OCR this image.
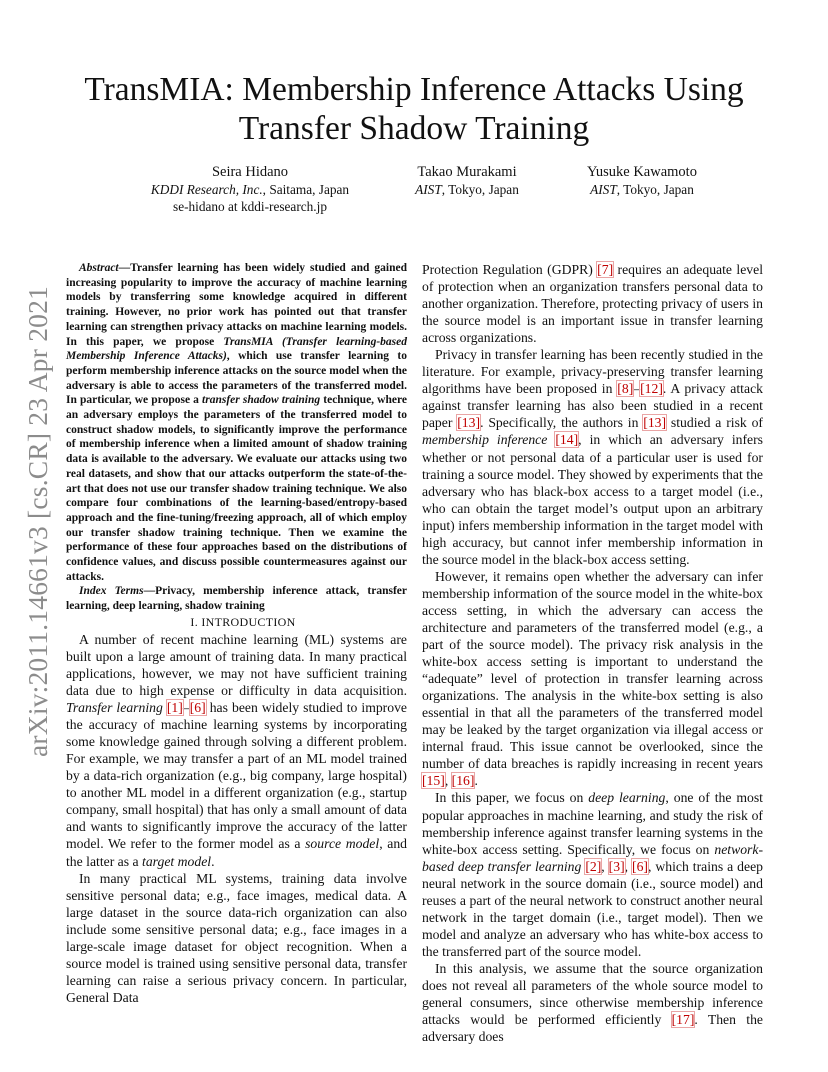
arXiv:2011.14661v3 [cs.CR] 23 Apr 2021
TransMIA: Membership Inference Attacks Using
Transfer Shadow Training
Seira Hidano
KDDI Research, Inc., Saitama, Japan
se-hidano at kddi-research.jp
Takao Murakami
AIST, Tokyo, Japan
Yusuke Kawamoto
AIST, Tokyo, Japan

Abstract—Transfer learning has been widely studied and gained increasing popularity to improve the accuracy of machine learning models by transferring some knowledge acquired in different training. However, no prior work has pointed out that transfer learning can strengthen privacy attacks on machine learning models. In this paper, we propose TransMIA (Transfer learning-based Membership Inference Attacks), which use transfer learning to perform membership inference attacks on the source model when the adversary is able to access the parameters of the transferred model. In particular, we propose a transfer shadow training technique, where an adversary employs the parameters of the transferred model to construct shadow models, to significantly improve the performance of membership inference when a limited amount of shadow training data is available to the adversary. We evaluate our attacks using two real datasets, and show that our attacks outperform the state-of-the-art that does not use our transfer shadow training technique. We also compare four combinations of the learning-based/entropy-based approach and the fine-tuning/freezing approach, all of which employ our transfer shadow training technique. Then we examine the performance of these four approaches based on the distributions of confidence values, and discuss possible countermeasures against our attacks.

Index Terms—Privacy, membership inference attack, transfer learning, deep learning, shadow training

I. INTRODUCTION

A number of recent machine learning (ML) systems are built upon a large amount of training data. In many practical applications, however, we may not have sufficient training data due to high expense or difficulty in data acquisition. Transfer learning [1]–[6] has been widely studied to improve the accuracy of machine learning systems by incorporating some knowledge gained through solving a different problem. For example, we may transfer a part of an ML model trained by a data-rich organization (e.g., big company, large hospital) to another ML model in a different organization (e.g., startup company, small hospital) that has only a small amount of data and wants to significantly improve the accuracy of the latter model. We refer to the former model as a source model, and the latter as a target model.

In many practical ML systems, training data involve sensitive personal data; e.g., face images, medical data. A large dataset in the source data-rich organization can also include some sensitive personal data; e.g., face images in a large-scale image dataset for object recognition. When a source model is trained using sensitive personal data, transfer learning can raise a serious privacy concern. In particular, General Data

Protection Regulation (GDPR) [7] requires an adequate level of protection when an organization transfers personal data to another organization. Therefore, protecting privacy of users in the source model is an important issue in transfer learning across organizations.

Privacy in transfer learning has been recently studied in the literature. For example, privacy-preserving transfer learning algorithms have been proposed in [8]–[12]. A privacy attack against transfer learning has also been studied in a recent paper [13]. Specifically, the authors in [13] studied a risk of membership inference [14], in which an adversary infers whether or not personal data of a particular user is used for training a source model. They showed by experiments that the adversary who has black-box access to a target model (i.e., who can obtain the target model’s output upon an arbitrary input) infers membership information in the target model with high accuracy, but cannot infer membership information in the source model in the black-box access setting.

However, it remains open whether the adversary can infer membership information of the source model in the white-box access setting, in which the adversary can access the architecture and parameters of the transferred model (e.g., a part of the source model). The privacy risk analysis in the white-box access setting is important to understand the “adequate” level of protection in transfer learning across organizations. The analysis in the white-box setting is also essential in that all the parameters of the transferred model may be leaked by the target organization via illegal access or internal fraud. This issue cannot be overlooked, since the number of data breaches is rapidly increasing in recent years [15], [16].

In this paper, we focus on deep learning, one of the most popular approaches in machine learning, and study the risk of membership inference against transfer learning systems in the white-box access setting. Specifically, we focus on network-based deep transfer learning [2], [3], [6], which trains a deep neural network in the source domain (i.e., source model) and reuses a part of the neural network to construct another neural network in the target domain (i.e., target model). Then we model and analyze an adversary who has white-box access to the transferred part of the source model.

In this analysis, we assume that the source organization does not reveal all parameters of the whole source model to general consumers, since otherwise membership inference attacks would be performed efficiently [17]. Then the adversary does
